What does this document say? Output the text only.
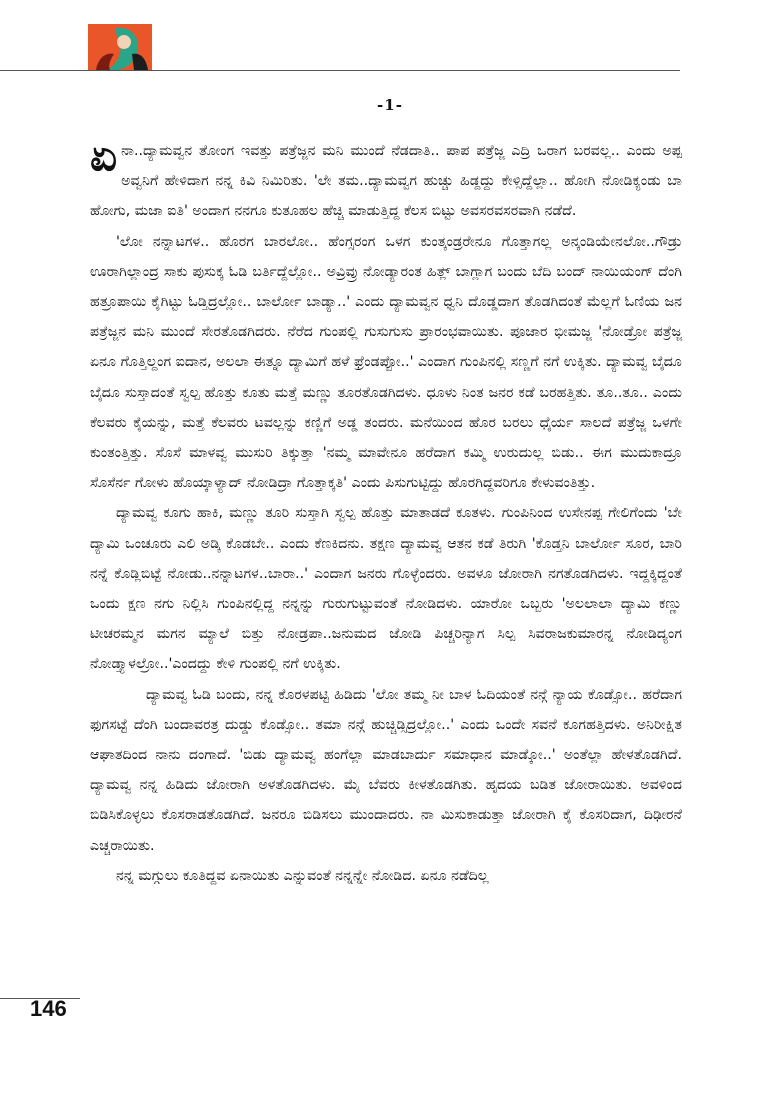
-1-

ಏನಾ..ದ್ಯಾಮವ್ವನ ತೋಂಗ ಇವತ್ತು ಪತ್ರೆಜ್ಜನ ಮನಿ ಮುಂದೆ ನೆಡದಾತಿ.. ಪಾಪ ಪತ್ರೆಜ್ಜ ಎದ್ರಿ ಒರಾಗ ಬರವಲ್ಲ.. ಎಂದು ಅಪ್ಪ ಅವ್ವನಿಗೆ ಹೇಳಿದಾಗ ನನ್ನ ಕಿವಿ ನಿಮಿರಿತು. 'ಲೇ ತಮ..ದ್ಯಾಮವ್ವಗ ಹುಚ್ಚು ಹಿಡ್ದದ್ದು ಕೇಳ್ಸಿದ್ದೆಲ್ಲಾ.. ಹೋಗಿ ನೋಡಿಕ್ಯಂಡು ಬಾ ಹೋಗು, ಮಜಾ ಐತಿ' ಅಂದಾಗ ನನಗೂ ಕುತೂಹಲ ಹೆಚ್ಚಿ ಮಾಡುತ್ತಿದ್ದ ಕೆಲಸ ಬಿಟ್ಟು ಅವಸರವಸರವಾಗಿ ನಡೆದೆ.

'ಲೋ ನನ್ನಾಟಗಳ.. ಹೊರಗ ಬಾರಲೋ.. ಹೆಂಗ್ಸರಂಗ ಒಳಗ ಕುಂತ್ಕಂಡ್ರರೇನೂ ಗೊತ್ತಾಗಲ್ಲ ಅನ್ಕಂಡಿಯೇನಲೋ..ಗೌಡ್ರು ಊರಾಗಿಲ್ಲಾಂದ್ರ ಸಾಕು ಪುಸುಕ್ಕ ಓಡಿ ಬರ್ತಿದ್ದೆಲ್ಲೋ.. ಅವ್ರಿವ್ರು ನೋಡ್ಯಾರಂತ ಹಿತ್ಲ್ ಬಾಗ್ಲಾಗ ಬಂದು ಬೆದಿ ಬಂದ್ ನಾಯಿಯಂಗ್ ದೆಂಗಿ ಹತ್ರೂಪಾಯಿ ಕೈಗಿಟ್ಟು ಓಡ್ತಿದ್ರಲ್ಲೋ.. ಬಾರ್ಲೋ ಬಾಡ್ಯಾ..' ಎಂದು ದ್ಯಾಮವ್ವನ ಧ್ವನಿ ದೊಡ್ಡದಾಗ ತೊಡಗಿದಂತೆ ಮೆಲ್ಲಗೆ ಓಣಿಯ ಜನ ಪತ್ರೆಜ್ಜನ ಮನಿ ಮುಂದೆ ಸೇರತೊಡಗಿದರು. ನೆರೆದ ಗುಂಪಲ್ಲಿ ಗುಸುಗುಸು ಪ್ರಾರಂಭವಾಯಿತು. ಪೂಜಾರ ಭೀಮಜ್ಜ 'ನೋಡ್ರೋ ಪತ್ರೆಜ್ಜ ಏನೂ ಗೊತ್ತಿಲ್ದಂಗ ಐದಾನ, ಅಲಲಾ ಈತ್ನೂ ದ್ಯಾಮಿಗೆ ಹಳೆ ಫ್ರೆಂಡಪ್ಪೋ..' ಎಂದಾಗ ಗುಂಪಿನಲ್ಲಿ ಸಣ್ಣಗೆ ನಗೆ ಉಕ್ಕಿತು. ದ್ಯಾಮವ್ವ ಬೈದೂ ಬೈದೂ ಸುಸ್ತಾದಂತೆ ಸ್ವಲ್ಪ ಹೊತ್ತು ಕೂತು ಮತ್ತೆ ಮಣ್ಣು ತೂರತೊಡಗಿದಳು. ಧೂಳು ನಿಂತ ಜನರ ಕಡೆ ಬರಹತ್ತಿತು. ತೂ..ತೂ.. ಎಂದು ಕೆಲವರು ಕೈಯನ್ನು, ಮತ್ತೆ ಕೆಲವರು ಟವಲ್ಲನ್ನು ಕಣ್ಣಿಗೆ ಅಡ್ಡ ತಂದರು. ಮನೆಯಿಂದ ಹೊರ ಬರಲು ಧೈರ್ಯ ಸಾಲದೆ ಪತ್ರೆಜ್ಜ ಒಳಗೇ ಕುಂತಂತ್ತಿತ್ತು. ಸೊಸೆ ಮಾಳವ್ವ ಮುಸುರಿ ತಿಕ್ಕುತ್ತಾ 'ನಮ್ಮ ಮಾವೇನೂ ಹರೆದಾಗ ಕಮ್ಮಿ ಉರುದುಲ್ಲ ಬಿಡು.. ಈಗ ಮುದುಕಾದ್ರೂ ಸೊಸೆರ್ನ ಗೋಳು ಹೊಯ್ಕಾಳ್ಯಾದ್ ನೋಡಿದ್ರಾ ಗೊತ್ತಾಕ್ಕತಿ' ಎಂದು ಪಿಸುಗುಟ್ಟಿದ್ದು ಹೊರಗಿದ್ದವರಿಗೂ ಕೇಳುವಂತಿತ್ತು.

ದ್ಯಾಮವ್ವ ಕೂಗು ಹಾಕಿ, ಮಣ್ಣು ತೂರಿ ಸುಸ್ತಾಗಿ ಸ್ವಲ್ಪ ಹೊತ್ತು ಮಾತಾಡದೆ ಕೂತಳು. ಗುಂಪಿನಿಂದ ಉಸೇನಪ್ಪ ಗೇಲಿಗೆಂದು 'ಬೇ ದ್ಯಾಮಿ ಒಂಚೂರು ಎಲಿ ಅಡ್ಕಿ ಕೊಡಬೇ.. ಎಂದು ಕೆಣಕಿದನು. ತಕ್ಷಣ ದ್ಯಾಮವ್ವ ಆತನ ಕಡೆ ತಿರುಗಿ 'ಕೊಡ್ತನಿ ಬಾರ್ಲೋ ಸೂರ, ಬಾರಿ ನನ್ನೆ ಕೊಡ್ಲಿಬಿಟ್ಟೆ ನೋಡು..ನನ್ನಾಟಗಳ..ಬಾರಾ..' ಎಂದಾಗ ಜನರು ಗೊಳ್ಳೆಂದರು. ಅವಳೂ ಜೋರಾಗಿ ನಗತೊಡಗಿದಳು. ಇದ್ದಕ್ಕಿದ್ದಂತೆ ಒಂದು ಕ್ಷಣ ನಗು ನಿಲ್ಲಿಸಿ ಗುಂಪಿನಲ್ಲಿದ್ದ ನನ್ನನ್ನು ಗುರುಗುಟ್ಟುವಂತೆ ನೋಡಿದಳು. ಯಾರೋ ಒಬ್ಬರು 'ಅಲಲಾಲಾ ದ್ಯಾಮಿ ಕಣ್ಣು ಟೀಚರಮ್ಮನ ಮಗನ ಮ್ಯಾಲೆ ಬಿತ್ತು ನೋಡ್ರಪಾ..ಜನುಮದ ಜೋಡಿ ಪಿಚ್ಚರಿನ್ಯಾಗ ಸಿಲ್ಪ ಸಿವರಾಜಕುಮಾರನ್ನ ನೋಡಿದ್ಯಂಗ ನೋಡ್ತ್ಯಾಳಲ್ರೋ..'ಎಂದದ್ದು ಕೇಳಿ ಗುಂಪಲ್ಲಿ ನಗೆ ಉಕ್ಕಿತು.

ದ್ಯಾಮವ್ವ ಓಡಿ ಬಂದು, ನನ್ನ ಕೊರಳಪಟ್ಟಿ ಹಿಡಿದು 'ಲೋ ತಮ್ಮ ನೀ ಬಾಳ ಓದಿಯಂತೆ ನನ್ಗೆ ನ್ಯಾಯ ಕೊಡ್ಸೋ.. ಹರೆದಾಗ ಫುಗಸಟ್ಟೆ ದೆಂಗಿ ಬಂದಾವರತ್ರ ದುಡ್ಡು ಕೊಡ್ಸೋ.. ತಮಾ ನನ್ಗೆ ಹುಚ್ಚಿಡ್ಸಿದ್ರಲ್ಲೋ..' ಎಂದು ಒಂದೇ ಸವನೆ ಕೂಗಹತ್ತಿದಳು. ಅನಿರೀಕ್ಷಿತ ಆಘಾತದಿಂದ ನಾನು ದಂಗಾದೆ. 'ಬಿಡು ದ್ಯಾಮವ್ವ ಹಂಗೆಲ್ಲಾ ಮಾಡಬಾರ್ದು ಸಮಾಧಾನ ಮಾಡ್ಕೋ..' ಅಂತೆಲ್ಲಾ ಹೇಳತೊಡಗಿದೆ. ದ್ಯಾಮವ್ವ ನನ್ನ ಹಿಡಿದು ಜೋರಾಗಿ ಅಳತೊಡಗಿದಳು. ಮೈ ಬೆವರು ಕೀಳತೊಡಗಿತು. ಹೃದಯ ಬಡಿತ ಜೋರಾಯಿತು. ಅವಳಿಂದ ಬಿಡಿಸಿಕೊಳ್ಳಲು ಕೊಸರಾಡತೊಡಗಿದೆ. ಜನರೂ ಬಿಡಿಸಲು ಮುಂದಾದರು. ನಾ ಮಿಸುಕಾಡುತ್ತಾ ಜೋರಾಗಿ ಕೈ ಕೊಸರಿದಾಗ, ದಿಢೀರನೆ ಎಚ್ಚರಾಯಿತು.

ನನ್ನ ಮಗ್ಗುಲು ಕೂತಿದ್ದವ ಏನಾಯಿತು ಎನ್ನುವಂತೆ ನನ್ನನ್ನೇ ನೋಡಿದ. ಏನೂ ನಡೆದಿಲ್ಲ

146
